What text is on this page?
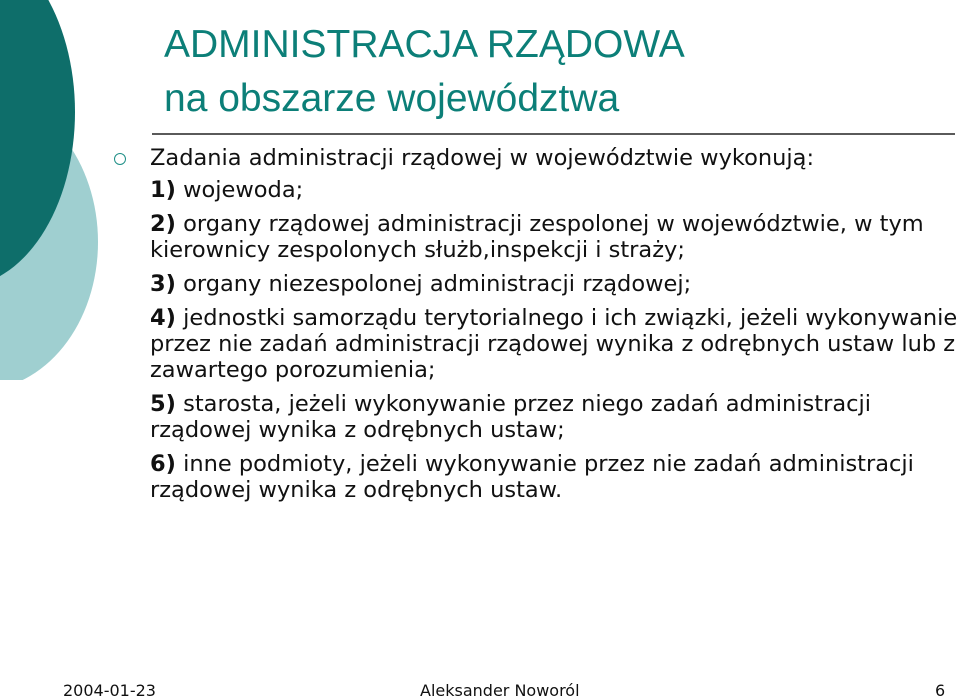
ADMINISTRACJA RZĄDOWA
na obszarze województwa

Zadania administracji rządowej w województwie wykonują:

1) wojewoda;
2) organy rządowej administracji zespolonej w województwie, w tym kierownicy zespolonych służb,inspekcji i straży;
3) organy niezespolonej administracji rządowej;
4) jednostki samorządu terytorialnego i ich związki, jeżeli wykonywanie przez nie zadań administracji rządowej wynika z odrębnych ustaw lub z zawartego porozumienia;
5) starosta, jeżeli wykonywanie przez niego zadań administracji rządowej wynika z odrębnych ustaw;
6) inne podmioty, jeżeli wykonywanie przez nie zadań administracji rządowej wynika z odrębnych ustaw.
2004-01-23	Aleksander Noworól	6
